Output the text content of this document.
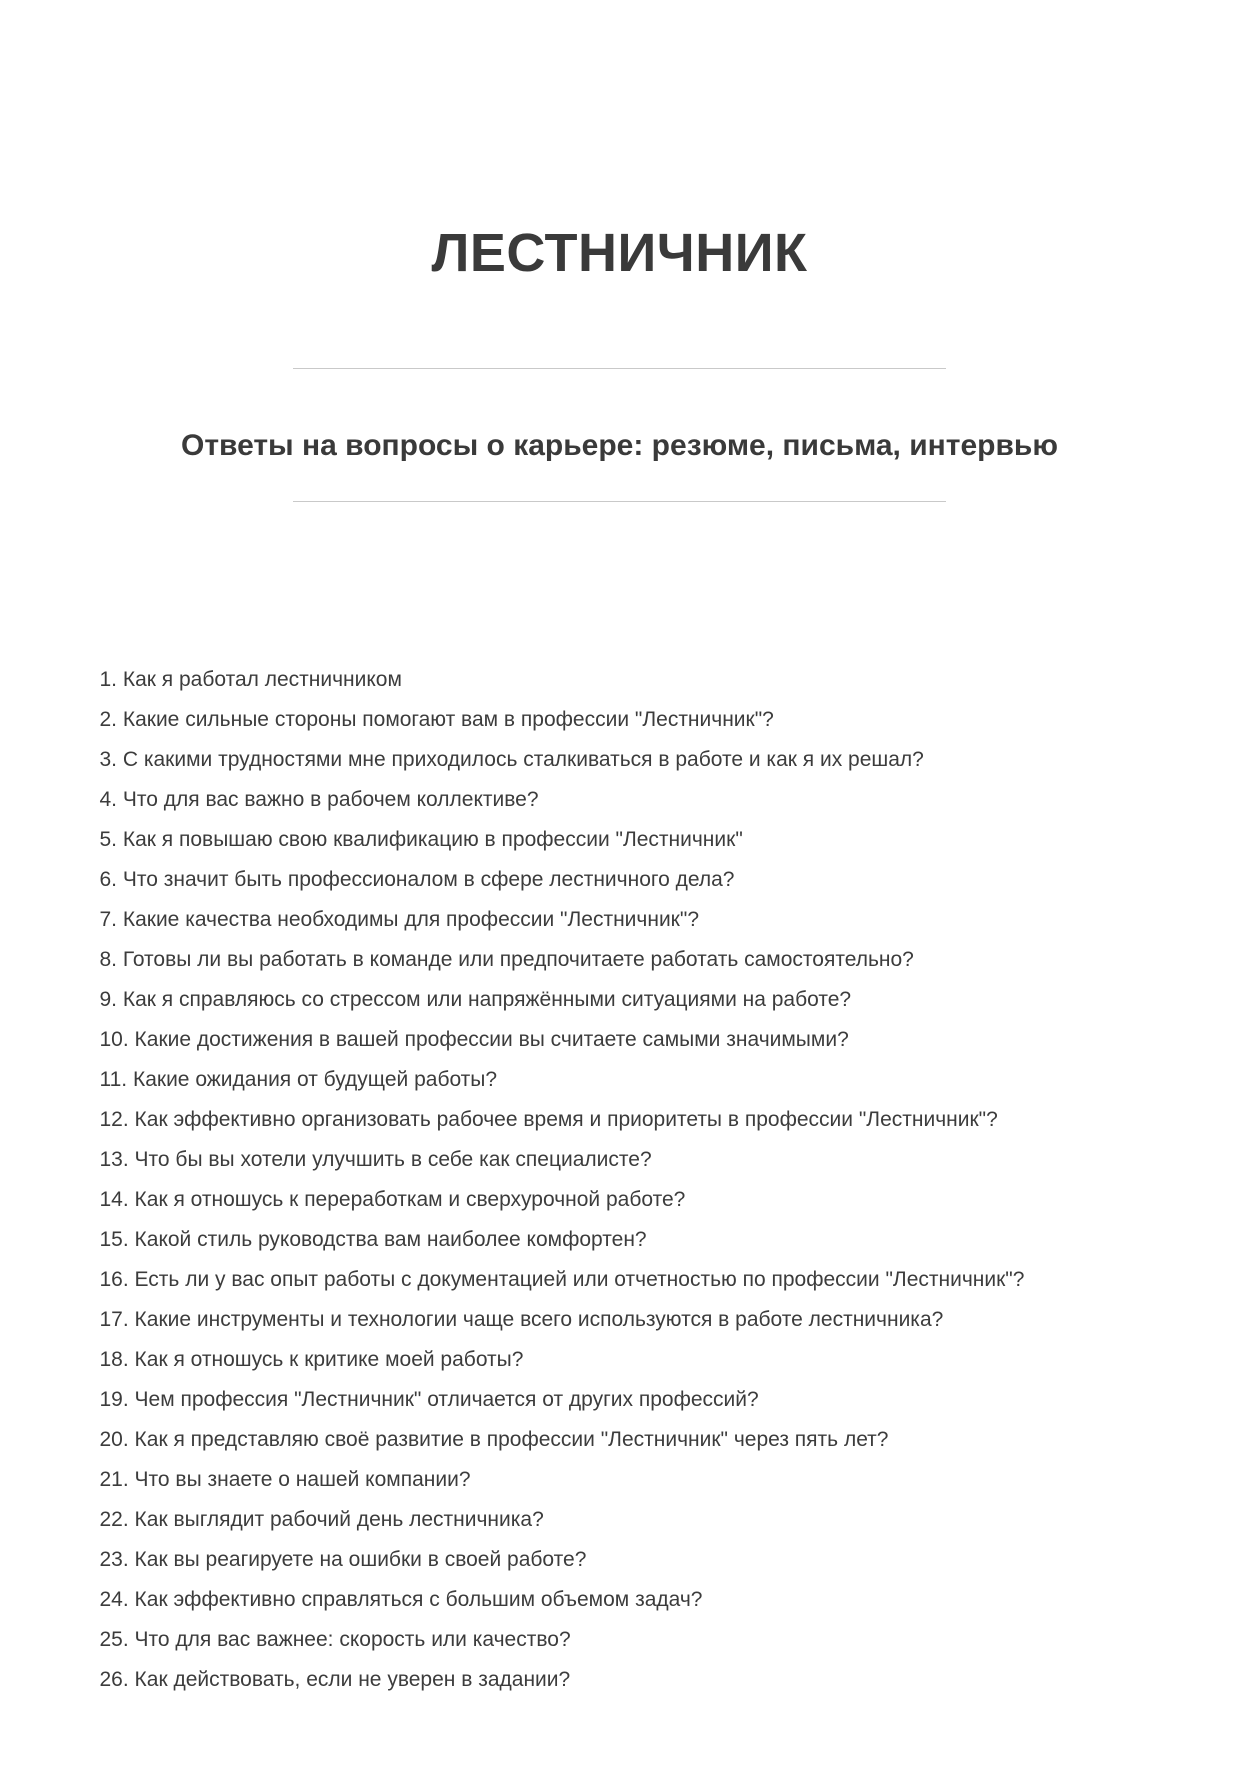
ЛЕСТНИЧНИК
Ответы на вопросы о карьере: резюме, письма, интервью

1. Как я работал лестничником

2. Какие сильные стороны помогают вам в профессии "Лестничник"?

3. С какими трудностями мне приходилось сталкиваться в работе и как я их решал?

4. Что для вас важно в рабочем коллективе?

5. Как я повышаю свою квалификацию в профессии "Лестничник"

6. Что значит быть профессионалом в сфере лестничного дела?

7. Какие качества необходимы для профессии "Лестничник"?

8. Готовы ли вы работать в команде или предпочитаете работать самостоятельно?

9. Как я справляюсь со стрессом или напряжёнными ситуациями на работе?

10. Какие достижения в вашей профессии вы считаете самыми значимыми?

11. Какие ожидания от будущей работы?

12. Как эффективно организовать рабочее время и приоритеты в профессии "Лестничник"?

13. Что бы вы хотели улучшить в себе как специалисте?

14. Как я отношусь к переработкам и сверхурочной работе?

15. Какой стиль руководства вам наиболее комфортен?

16. Есть ли у вас опыт работы с документацией или отчетностью по профессии "Лестничник"?

17. Какие инструменты и технологии чаще всего используются в работе лестничника?

18. Как я отношусь к критике моей работы?

19. Чем профессия "Лестничник" отличается от других профессий?

20. Как я представляю своё развитие в профессии "Лестничник" через пять лет?

21. Что вы знаете о нашей компании?

22. Как выглядит рабочий день лестничника?

23. Как вы реагируете на ошибки в своей работе?

24. Как эффективно справляться с большим объемом задач?

25. Что для вас важнее: скорость или качество?

26. Как действовать, если не уверен в задании?
